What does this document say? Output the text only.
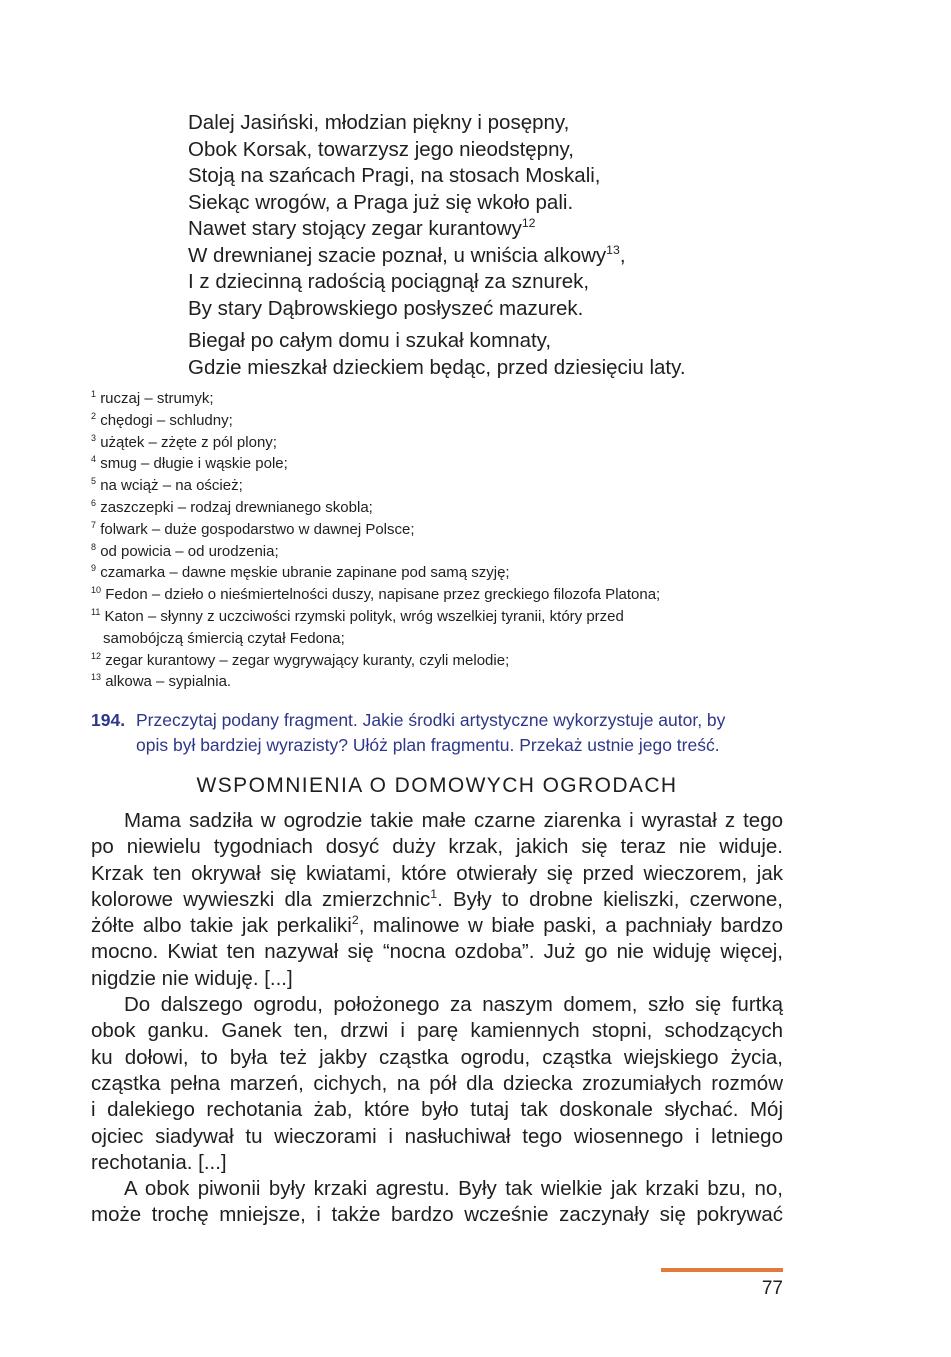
Dalej Jasiński, młodzian piękny i posępny,
Obok Korsak, towarzysz jego nieodstępny,
Stoją na szańcach Pragi, na stosach Moskali,
Siekąc wrogów, a Praga już się wkoło pali.
Nawet stary stojący zegar kurantowy$^{12}$
W drewnianej szacie poznał, u wniścia alkowy$^{13}$,
I z dziecinną radością pociągnął za sznurek,
By stary Dąbrowskiego posłyszeć mazurek.
Biegał po całym domu i szukał komnaty,
Gdzie mieszkał dzieckiem będąc, przed dziesięciu laty.
$^1$ ruczaj – strumyk;
$^2$ chędogi – schludny;
$^3$ użątek – zżęte z pól plony;
$^4$ smug – długie i wąskie pole;
$^5$ na wciąż – na oścież;
$^6$ zaszczepki – rodzaj drewnianego skobla;
$^7$ folwark – duże gospodarstwo w dawnej Polsce;
$^8$ od powicia – od urodzenia;
$^9$ czamarka – dawne męskie ubranie zapinane pod samą szyję;
$^{10}$ Fedon – dzieło o nieśmiertelności duszy, napisane przez greckiego filozofa Platona;
$^{11}$ Katon – słynny z uczciwości rzymski polityk, wróg wszelkiej tyranii, który przed
samobójczą śmiercią czytał Fedona;
$^{12}$ zegar kurantowy – zegar wygrywający kuranty, czyli melodie;
$^{13}$ alkowa – sypialnia.
194. Przeczytaj podany fragment. Jakie środki artystyczne wykorzystuje autor, by
opis był bardziej wyrazisty? Ułóż plan fragmentu. Przekaż ustnie jego treść.
WSPOMNIENIA O DOMOWYCH OGRODACH
Mama sadziła w ogrodzie takie małe czarne ziarenka i wyrastał z tego
po niewielu tygodniach dosyć duży krzak, jakich się teraz nie widuje.
Krzak ten okrywał się kwiatami, które otwierały się przed wieczorem, jak
kolorowe wywieszki dla zmierzchnic$^1$. Były to drobne kieliszki, czerwone,
żółte albo takie jak perkaliki$^2$, malinowe w białe paski, a pachniały bardzo
mocno. Kwiat ten nazywał się “nocna ozdoba”. Już go nie widuję więcej,
nigdzie nie widuję. [...]
Do dalszego ogrodu, położonego za naszym domem, szło się furtką
obok ganku. Ganek ten, drzwi i parę kamiennych stopni, schodzących
ku dołowi, to była też jakby cząstka ogrodu, cząstka wiejskiego życia,
cząstka pełna marzeń, cichych, na pół dla dziecka zrozumiałych rozmów
i dalekiego rechotania żab, które było tutaj tak doskonale słychać. Mój
ojciec siadywał tu wieczorami i nasłuchiwał tego wiosennego i letniego
rechotania. [...]
A obok piwonii były krzaki agrestu. Były tak wielkie jak krzaki bzu, no,
może trochę mniejsze, i także bardzo wcześnie zaczynały się pokrywać
77
